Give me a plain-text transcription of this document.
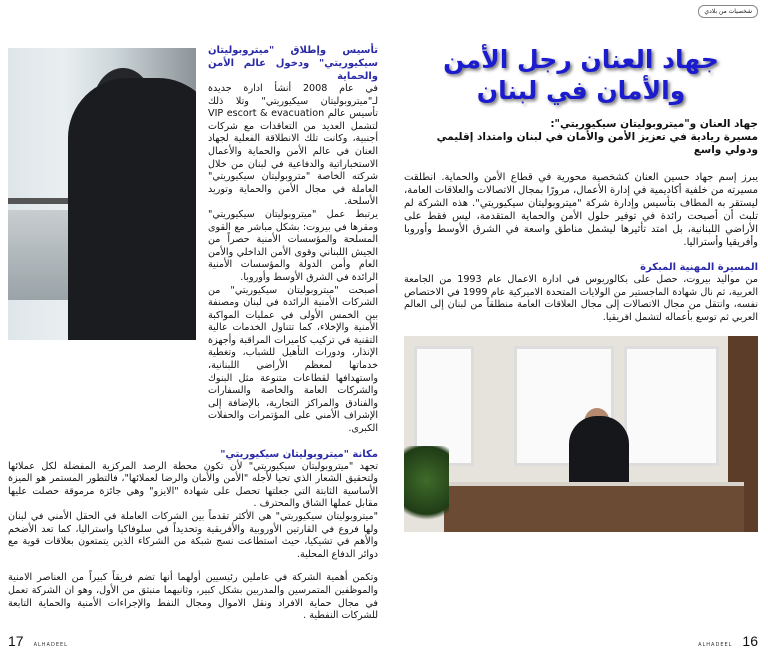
تأسيس وإطلاق "ميتروبوليتان سيكيوريتي" ودخول عالم الأمن والحماية

في عام 2008 أنشأ ادارة جديدة لـ"ميتروبوليتان سيكيوريتي" وتلا ذلك تأسيس عالم VIP escort & evacuation لتشمل العديد من التعاقدات مع شركات أجنبية، وكانت تلك الانطلاقة الفعلية لجهاد العنان في عالم الأمن والحماية والأعمال الاستخباراتية والدفاعية في لبنان من خلال شركته الخاصة "متروبوليتان سيكيوريتي" العاملة في مجال الأمن والحماية وتوريد الأسلحة.

يرتبط عمل "ميتروبوليتان سيكيوريتي" ومقرها في بيروت: بشكل مباشر مع القوى المسلحة والمؤسسات الأمنية حصراً من الجيش اللبناني وقوى الأمن الداخلي والأمن العام وأمن الدولة والمؤسسات الأمنية الرائدة في الشرق الأوسط وأوروبا.

أصبحت "ميتروبوليتان سيكيوريتي" من الشركات الأمنية الرائدة في لبنان ومصنفة بين الخمس الأولى في عمليات المواكبة الأمنية والإخلاء، كما تتناول الخدمات عالية التقنية في تركيب كاميرات المراقبة وأجهزة الإنذار، ودورات التأهيل للشباب، وتغطية خدماتها لمعظم الأراضي اللبنانية، واستهدافها لقطاعات متنوعة مثل البنوك والشركات العامة والخاصة والسفارات والفنادق والمراكز التجارية، بالإضافة إلى الإشراف الأمني على المؤتمرات والحفلات الكبرى.

مكانة "ميتروبوليتان سيكيوريتي"

تجهد "ميتروبوليتان سيكيوريتي" لأن تكون محطة الرصد المركزية المفضلة لكل عملائها ولتحقيق الشعار الذي تحيا لأجله "الأمن والأمان والرضا لعملائها"، فالتطور المستمر هو الميزة الأساسية الثابتة التي جعلتها تحصل على شهادة "الايزو" وهي جائزة مرموقة حصلت عليها مقابل عملها الشاق والمحترف .

"ميتروبوليتان سيكيوريتي" هي الأكثر تقدماً بين الشركات العاملة في الحقل الأمني في لبنان ولها فروع في القارتين الأوروبية والأفريقية وتحديداً في سلوفاكيا واستراليا، كما تعد الأضخم والأهم في تشيكيا، حيث استطاعت نسج شبكة من الشركاء الذين يتمتعون بعلاقات قوية مع دوائر الدفاع المحلية.

وتكمن أهمية الشركة في عاملين رئيسيين أولهما أنها تضم فريقاً كبيراً من العناصر الامنية والموظفين المتمرسين والمدربين بشكل كبير، وثانيهما منبثق من الأول، وهو ان الشركة تعمل في مجال حماية الافراد ونقل الاموال ومجال النفط والإجراءات الأمنية والحماية التابعة للشركات النفطية .

17 ALHADEEL
شخصيات من بلادي
جهاد العنان رجل الأمن والأمان في لبنان
جهاد العنان و"ميتروبوليتان سيكيوريتي":
مسيرة ريادية في تعزيز الأمن والأمان في لبنان وامتداد إقليمي ودولي واسع

يبرز إسم جهاد حسين العنان كشخصية محورية في قطاع الأمن والحماية. انطلقت مسيرته من خلفية أكاديمية في إدارة الأعمال، مرورًا بمجال الاتصالات والعلاقات العامة، ليستقر به المطاف بتأسيس وإدارة شركة "ميتروبوليتان سيكيوريتي". هذه الشركة لم تلبث أن أصبحت رائدة في توفير حلول الأمن والحماية المتقدمة، ليس فقط على الأراضي اللبنانية، بل امتد تأثيرها ليشمل مناطق واسعة في الشرق الأوسط وأوروبا وأفريقيا وأستراليا.

المسيرة المهنية المبكرة

من مواليد بيروت، حصل على بكالوريوس في ادارة الاعمال عام 1993 من الجامعة العربية، ثم نال شهادة الماجستير من الولايات المتحدة الاميركية عام 1999 في الاختصاص نفسه، وانتقل من مجال الاتصالات إلى مجال العلاقات العامة منطلقاً من لبنان إلى العالم العربي ثم توسع بأعماله لتشمل افريقيا.

ALHADEEL 16
